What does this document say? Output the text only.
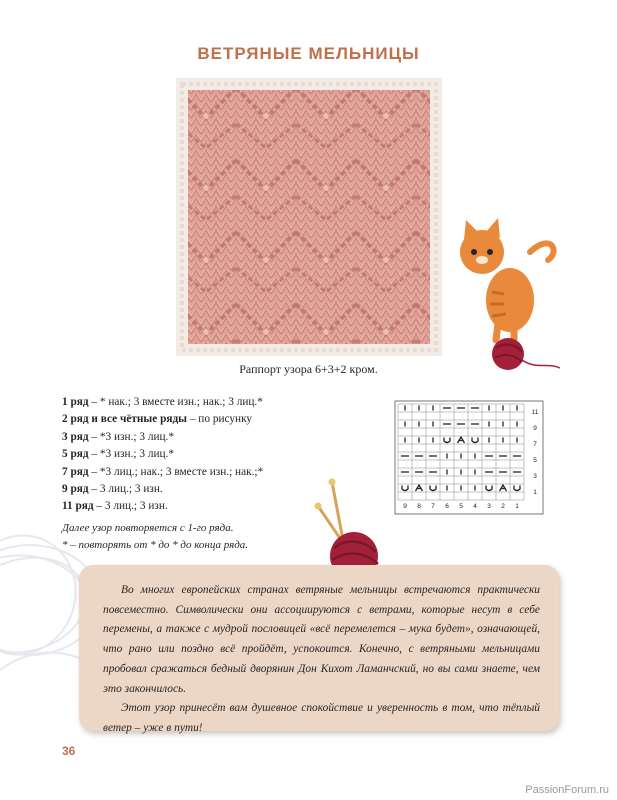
ВЕТРЯНЫЕ МЕЛЬНИЦЫ
Раппорт узора 6+3+2 кром.
1 ряд – * нак.; 3 вместе изн.; нак.; 3 лиц.*
2 ряд и все чётные ряды – по рисунку
3 ряд – *3 изн.; 3 лиц.*
5 ряд – *3 изн.; 3 лиц.*
7 ряд – *3 лиц.; нак.; 3 вместе изн.; нак.;*
9 ряд – 3 лиц.; 3 изн.
11 ряд – 3 лиц.; 3 изн.
11
9
7
5
3
1
9 8 7 6 5 4 3 2 1
Далее узор повторяется с 1-го ряда.
* – повторять от * до * до конца ряда.

Во многих европейских странах ветряные мельницы встречаются практически повсеместно. Символически они ассоциируются с ветрами, которые несут в себе перемены, а также с мудрой пословицей «всё перемелется – мука будет», означающей, что рано или поздно всё пройдёт, успокоится. Конечно, с ветряными мельницами пробовал сражаться бедный дворянин Дон Кихот Ламанчский, но вы сами знаете, чем это закончилось.

Этот узор принесёт вам душевное спокойствие и уверенность в том, что тёплый ветер – уже в пути!

36
PassionForum.ru
